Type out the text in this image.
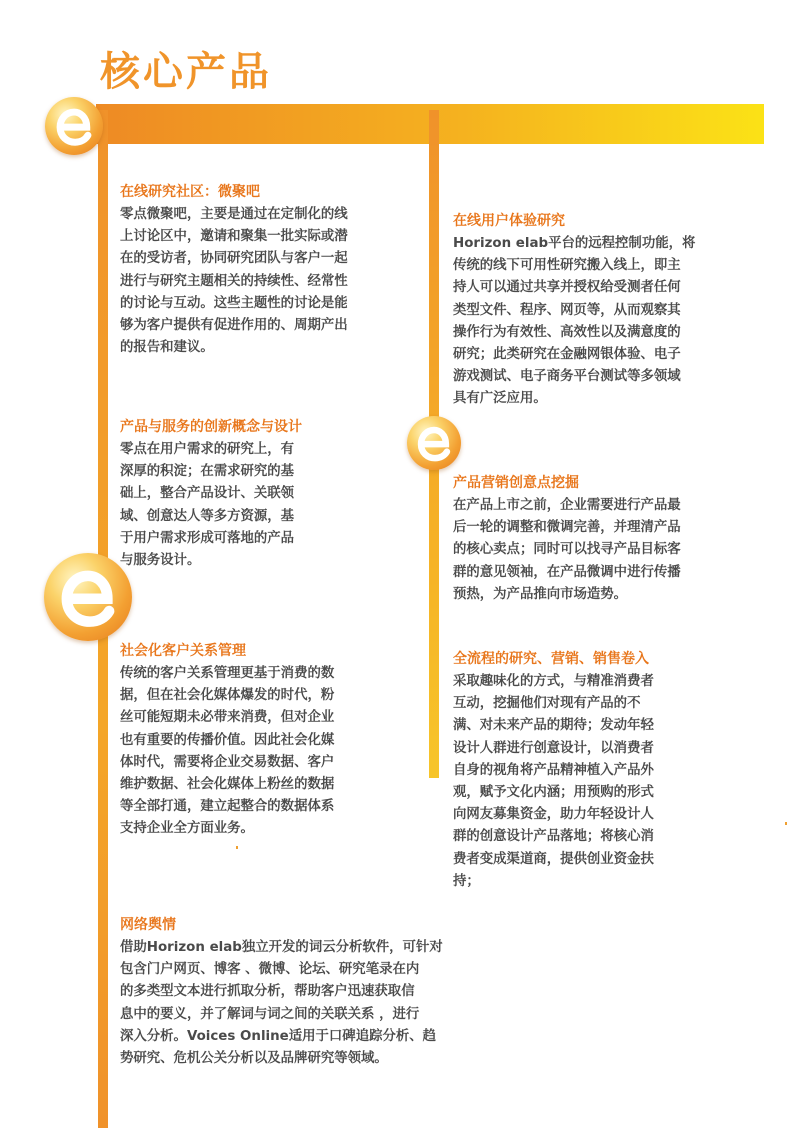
核心产品
在线研究社区：微聚吧

零点微聚吧，主要是通过在定制化的线
上讨论区中，邀请和聚集一批实际或潜
在的受访者，协同研究团队与客户一起
进行与研究主题相关的持续性、经常性
的讨论与互动。这些主题性的讨论是能
够为客户提供有促进作用的、周期产出
的报告和建议。

在线用户体验研究

Horizon elab平台的远程控制功能，将
传统的线下可用性研究搬入线上，即主
持人可以通过共享并授权给受测者任何
类型文件、程序、网页等，从而观察其
操作行为有效性、高效性以及满意度的
研究；此类研究在金融网银体验、电子
游戏测试、电子商务平台测试等多领域
具有广泛应用。

产品与服务的创新概念与设计

零点在用户需求的研究上，有
深厚的积淀；在需求研究的基
础上，整合产品设计、关联领
域、创意达人等多方资源，基
于用户需求形成可落地的产品
与服务设计。

产品营销创意点挖掘

在产品上市之前，企业需要进行产品最
后一轮的调整和微调完善，并理清产品
的核心卖点；同时可以找寻产品目标客
群的意见领袖，在产品微调中进行传播
预热，为产品推向市场造势。

社会化客户关系管理

传统的客户关系管理更基于消费的数
据，但在社会化媒体爆发的时代，粉
丝可能短期未必带来消费，但对企业
也有重要的传播价值。因此社会化媒
体时代，需要将企业交易数据、客户
维护数据、社会化媒体上粉丝的数据
等全部打通，建立起整合的数据体系
支持企业全方面业务。

全流程的研究、营销、销售卷入

采取趣味化的方式，与精准消费者
互动，挖掘他们对现有产品的不
满、对未来产品的期待；发动年轻
设计人群进行创意设计，以消费者
自身的视角将产品精神植入产品外
观，赋予文化内涵；用预购的形式
向网友募集资金，助力年轻设计人
群的创意设计产品落地；将核心消
费者变成渠道商，提供创业资金扶
持；

网络舆情

借助Horizon elab独立开发的词云分析软件，可针对
包含门户网页、博客 、微博、论坛、研究笔录在内
的多类型文本进行抓取分析，帮助客户迅速获取信
息中的要义，并了解词与词之间的关联关系 ，进行
深入分析。Voices Online适用于口碑追踪分析、趋
势研究、危机公关分析以及品牌研究等领域。
